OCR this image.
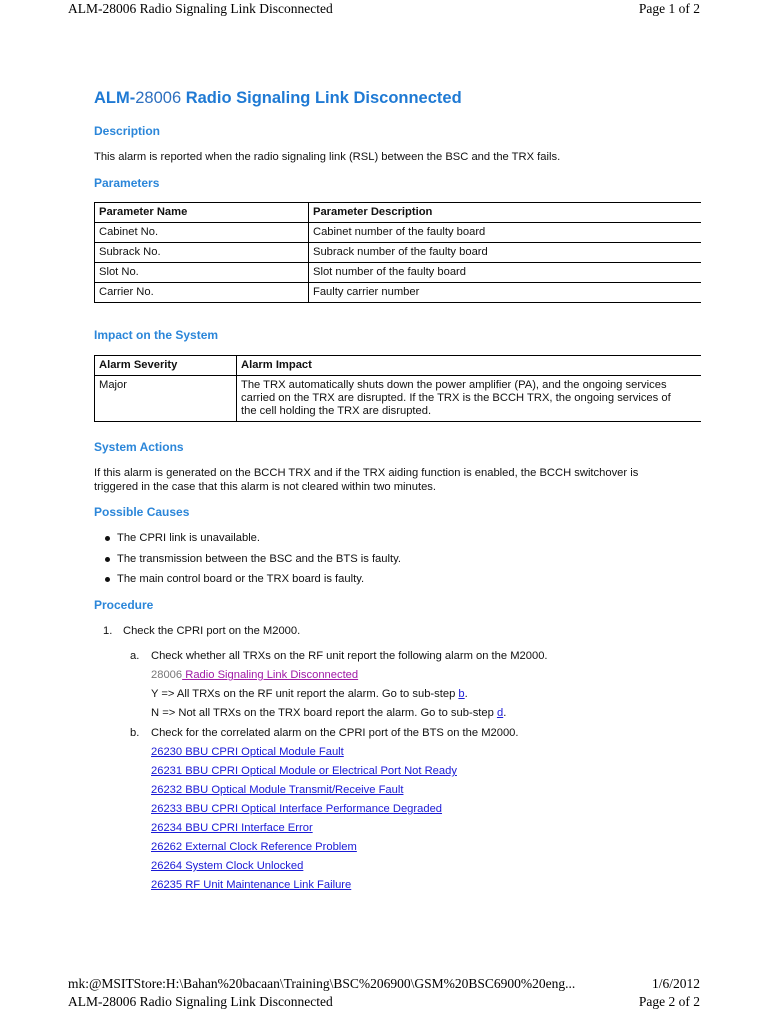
ALM-28006 Radio Signaling Link Disconnected	Page 1 of 2
ALM-28006 Radio Signaling Link Disconnected
Description

This alarm is reported when the radio signaling link (RSL) between the BSC and the TRX fails.

Parameters
Parameter Name	Parameter Description
Cabinet No.	Cabinet number of the faulty board
Subrack No.	Subrack number of the faulty board
Slot No.	Slot number of the faulty board
Carrier No.	Faulty carrier number
Impact on the System
Alarm Severity	Alarm Impact
Major	The TRX automatically shuts down the power amplifier (PA), and the ongoing services
carried on the TRX are disrupted. If the TRX is the BCCH TRX, the ongoing services of
the cell holding the TRX are disrupted.
System Actions

If this alarm is generated on the BCCH TRX and if the TRX aiding function is enabled, the BCCH switchover is
triggered in the case that this alarm is not cleared within two minutes.

Possible Causes
The CPRI link is unavailable.
The transmission between the BSC and the BTS is faulty.
The main control board or the TRX board is faulty.
Procedure
1. Check the CPRI port on the M2000.
a. Check whether all TRXs on the RF unit report the following alarm on the M2000.
28006 Radio Signaling Link Disconnected
Y => All TRXs on the RF unit report the alarm. Go to sub-step b.
N => Not all TRXs on the TRX board report the alarm. Go to sub-step d.
b. Check for the correlated alarm on the CPRI port of the BTS on the M2000.
26230 BBU CPRI Optical Module Fault
26231 BBU CPRI Optical Module or Electrical Port Not Ready
26232 BBU Optical Module Transmit/Receive Fault
26233 BBU CPRI Optical Interface Performance Degraded
26234 BBU CPRI Interface Error
26262 External Clock Reference Problem
26264 System Clock Unlocked
26235 RF Unit Maintenance Link Failure
mk:@MSITStore:H:\Bahan%20bacaan\Training\BSC%206900\GSM%20BSC6900%20eng...	1/6/2012
ALM-28006 Radio Signaling Link Disconnected	Page 2 of 2
